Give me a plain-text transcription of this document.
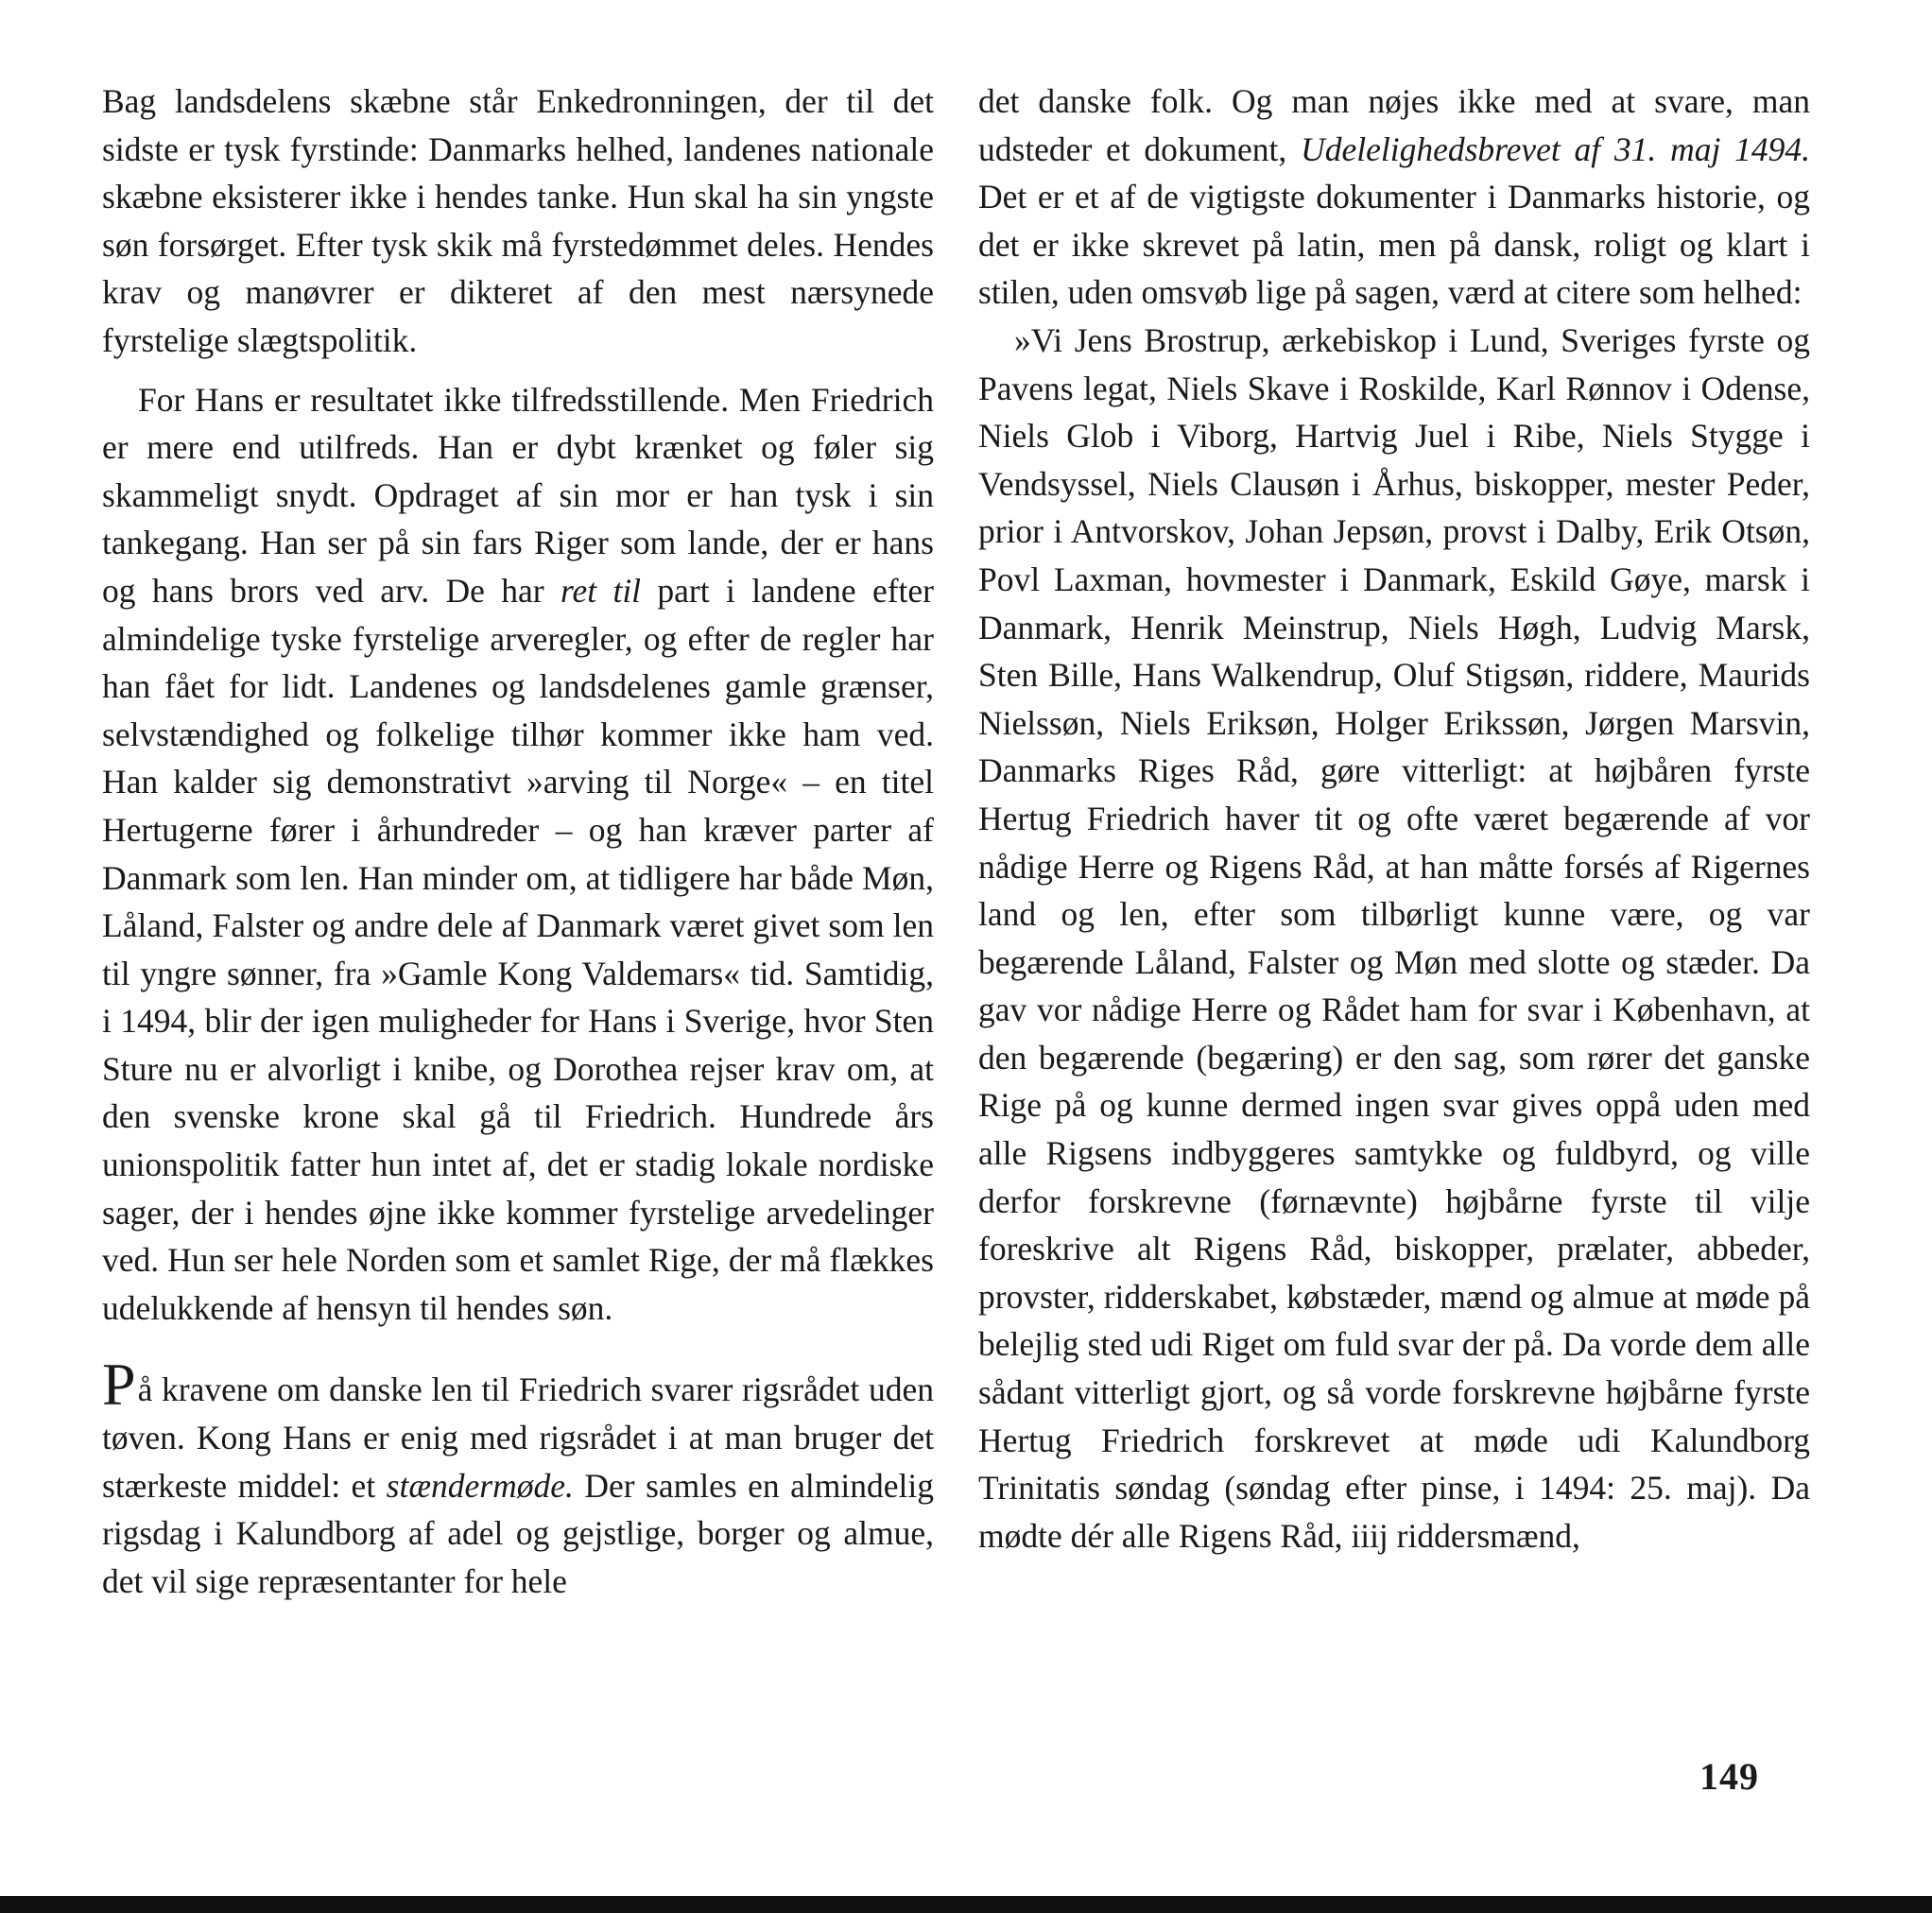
Bag landsdelens skæbne står Enkedronningen, der til det sidste er tysk fyrstinde: Danmarks helhed, landenes nationale skæbne eksisterer ikke i hendes tanke. Hun skal ha sin yngste søn forsørget. Efter tysk skik må fyrstedømmet deles. Hendes krav og manøvrer er dikteret af den mest nærsynede fyrstelige slægtspolitik.

For Hans er resultatet ikke tilfredsstillende. Men Friedrich er mere end utilfreds. Han er dybt krænket og føler sig skammeligt snydt. Opdraget af sin mor er han tysk i sin tankegang. Han ser på sin fars Riger som lande, der er hans og hans brors ved arv. De har ret til part i landene efter almindelige tyske fyrstelige arveregler, og efter de regler har han fået for lidt. Landenes og landsdelenes gamle grænser, selvstændighed og folkelige tilhør kommer ikke ham ved. Han kalder sig demonstrativt »arving til Norge« – en titel Hertugerne fører i århundreder – og han kræver parter af Danmark som len. Han minder om, at tidligere har både Møn, Låland, Falster og andre dele af Danmark været givet som len til yngre sønner, fra »Gamle Kong Valdemars« tid. Samtidig, i 1494, blir der igen muligheder for Hans i Sverige, hvor Sten Sture nu er alvorligt i knibe, og Dorothea rejser krav om, at den svenske krone skal gå til Friedrich. Hundrede års unionspolitik fatter hun intet af, det er stadig lokale nordiske sager, der i hendes øjne ikke kommer fyrstelige arvedelinger ved. Hun ser hele Norden som et samlet Rige, der må flækkes udelukkende af hensyn til hendes søn.

På kravene om danske len til Friedrich svarer rigsrådet uden tøven. Kong Hans er enig med rigsrådet i at man bruger det stærkeste middel: et stændermøde. Der samles en almindelig rigsdag i Kalundborg af adel og gejstlige, borger og almue, det vil sige repræsentanter for hele

det danske folk. Og man nøjes ikke med at svare, man udsteder et dokument, Udelelighedsbrevet af 31. maj 1494. Det er et af de vigtigste dokumenter i Danmarks historie, og det er ikke skrevet på latin, men på dansk, roligt og klart i stilen, uden omsvøb lige på sagen, værd at citere som helhed:

»Vi Jens Brostrup, ærkebiskop i Lund, Sveriges fyrste og Pavens legat, Niels Skave i Roskilde, Karl Rønnov i Odense, Niels Glob i Viborg, Hartvig Juel i Ribe, Niels Stygge i Vendsyssel, Niels Clausøn i Århus, biskopper, mester Peder, prior i Antvorskov, Johan Jepsøn, provst i Dalby, Erik Otsøn, Povl Laxman, hovmester i Danmark, Eskild Gøye, marsk i Danmark, Henrik Meinstrup, Niels Høgh, Ludvig Marsk, Sten Bille, Hans Walkendrup, Oluf Stigsøn, riddere, Maurids Nielssøn, Niels Eriksøn, Holger Erikssøn, Jørgen Marsvin, Danmarks Riges Råd, gøre vitterligt: at højbåren fyrste Hertug Friedrich haver tit og ofte været begærende af vor nådige Herre og Rigens Råd, at han måtte forsés af Rigernes land og len, efter som tilbørligt kunne være, og var begærende Låland, Falster og Møn med slotte og stæder. Da gav vor nådige Herre og Rådet ham for svar i København, at den begærende (begæring) er den sag, som rører det ganske Rige på og kunne dermed ingen svar gives oppå uden med alle Rigsens indbyggeres samtykke og fuldbyrd, og ville derfor forskrevne (førnævnte) højbårne fyrste til vilje foreskrive alt Rigens Råd, biskopper, prælater, abbeder, provster, ridderskabet, købstæder, mænd og almue at møde på belejlig sted udi Riget om fuld svar der på. Da vorde dem alle sådant vitterligt gjort, og så vorde forskrevne højbårne fyrste Hertug Friedrich forskrevet at møde udi Kalundborg Trinitatis søndag (søndag efter pinse, i 1494: 25. maj). Da mødte dér alle Rigens Råd, iiij riddersmænd,

149
